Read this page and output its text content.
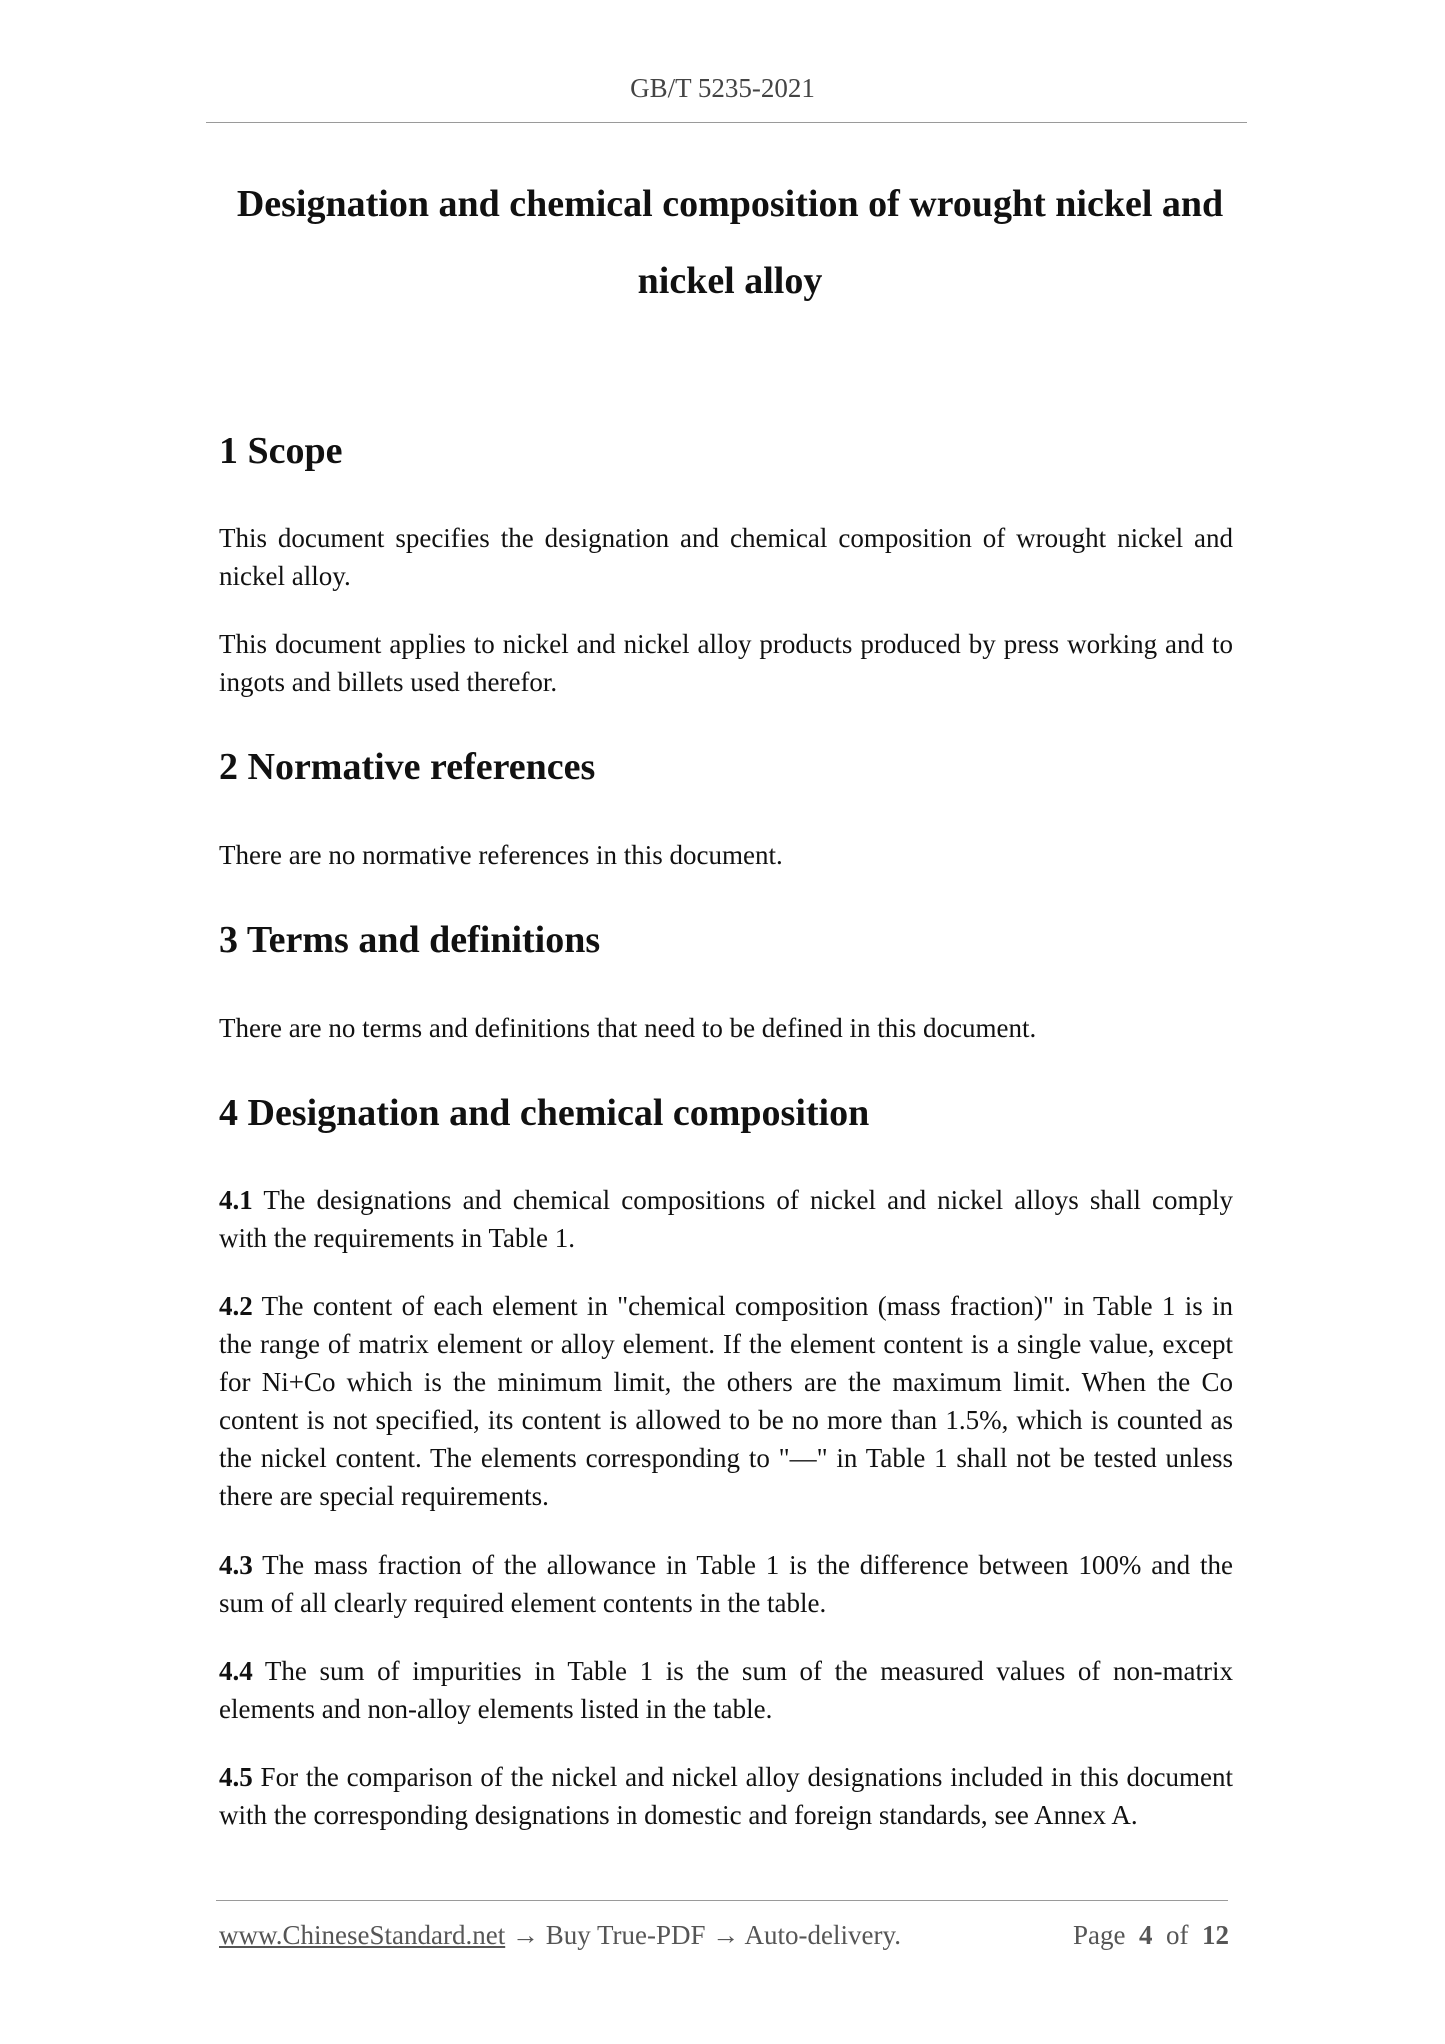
GB/T 5235-2021
Designation and chemical composition of wrought nickel and
nickel alloy
1 Scope

This document specifies the designation and chemical composition of wrought nickel and nickel alloy.

This document applies to nickel and nickel alloy products produced by press working and to ingots and billets used therefor.

2 Normative references

There are no normative references in this document.

3 Terms and definitions

There are no terms and definitions that need to be defined in this document.

4 Designation and chemical composition

4.1 The designations and chemical compositions of nickel and nickel alloys shall comply with the requirements in Table 1.

4.2 The content of each element in "chemical composition (mass fraction)" in Table 1 is in the range of matrix element or alloy element. If the element content is a single value, except for Ni+Co which is the minimum limit, the others are the maximum limit. When the Co content is not specified, its content is allowed to be no more than 1.5%, which is counted as the nickel content. The elements corresponding to "—" in Table 1 shall not be tested unless there are special requirements.

4.3 The mass fraction of the allowance in Table 1 is the difference between 100% and the sum of all clearly required element contents in the table.

4.4 The sum of impurities in Table 1 is the sum of the measured values of non-matrix elements and non-alloy elements listed in the table.

4.5 For the comparison of the nickel and nickel alloy designations included in this document with the corresponding designations in domestic and foreign standards, see Annex A.

www.ChineseStandard.net → Buy True-PDF → Auto-delivery.	Page 4 of 12
